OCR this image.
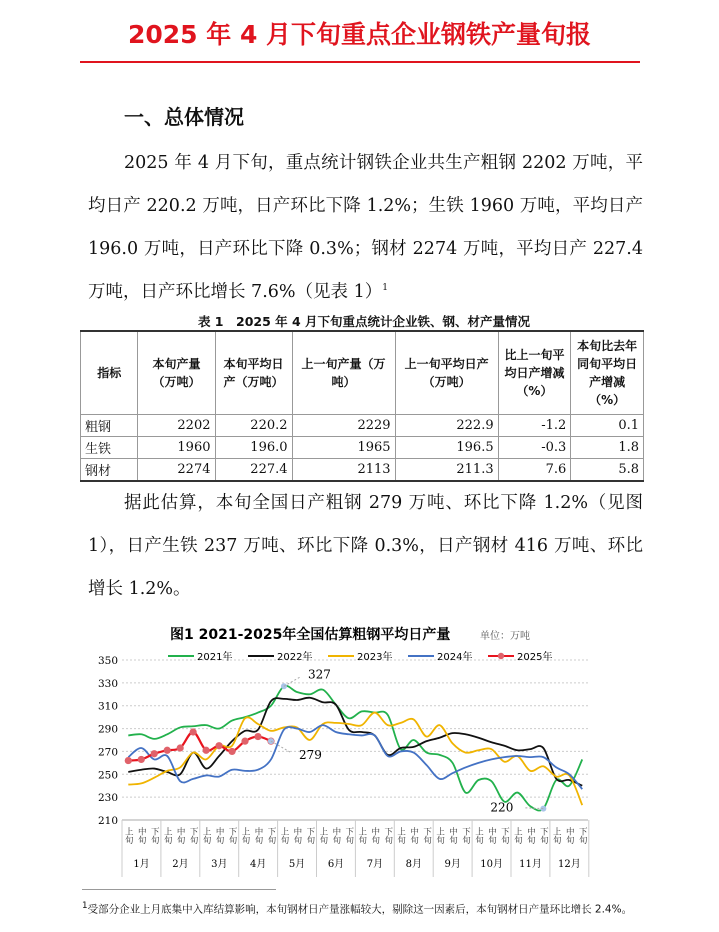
2025 年 4 月下旬重点企业钢铁产量旬报
一、总体情况
2025 年 4 月下旬，重点统计钢铁企业共生产粗钢 2202 万吨，平均日产 220.2 万吨，日产环比下降 1.2%；生铁 1960 万吨，平均日产 196.0 万吨，日产环比下降 0.3%；钢材 2274 万吨，平均日产 227.4 万吨，日产环比增长 7.6%（见表 1）$^1$
表 1　2025 年 4 月下旬重点统计企业铁、钢、材产量情况
指标	本旬产量（万吨）	本旬平均日产（万吨）	上一旬产量（万吨）	上一旬平均日产（万吨）	比上一旬平均日产增减（%）	本旬比去年同旬平均日产增减（%）
粗钢	2202	220.2	2229	222.9	-1.2	0.1
生铁	1960	196.0	1965	196.5	-0.3	1.8
钢材	2274	227.4	2113	211.3	7.6	5.8
据此估算，本旬全国日产粗钢 279 万吨、环比下降 1.2%（见图 1），日产生铁 237 万吨、环比下降 0.3%，日产钢材 416 万吨、环比增长 1.2%。
图1 2021-2025年全国估算粗钢平均日产量	单位：万吨
210
230
250
270
290
310
330
350
上旬 中旬 下旬 上旬 中旬 下旬 上旬 中旬 下旬 上旬 中旬 下旬 上旬 中旬 下旬 上旬 中旬 下旬 上旬 中旬 下旬 上旬 中旬 下旬 上旬 中旬 下旬 上旬 中旬 下旬 上旬 中旬 下旬 上旬 中旬 下旬
1月 2月 3月 4月 5月 6月 7月 8月 9月 10月 11月 12月
2021年	2022年	2023年	2024年	2025年
327
279
220
$^1$受部分企业上月底集中入库结算影响，本旬钢材日产量涨幅较大，剔除这一因素后，本旬钢材日产量环比增长 2.4%。
